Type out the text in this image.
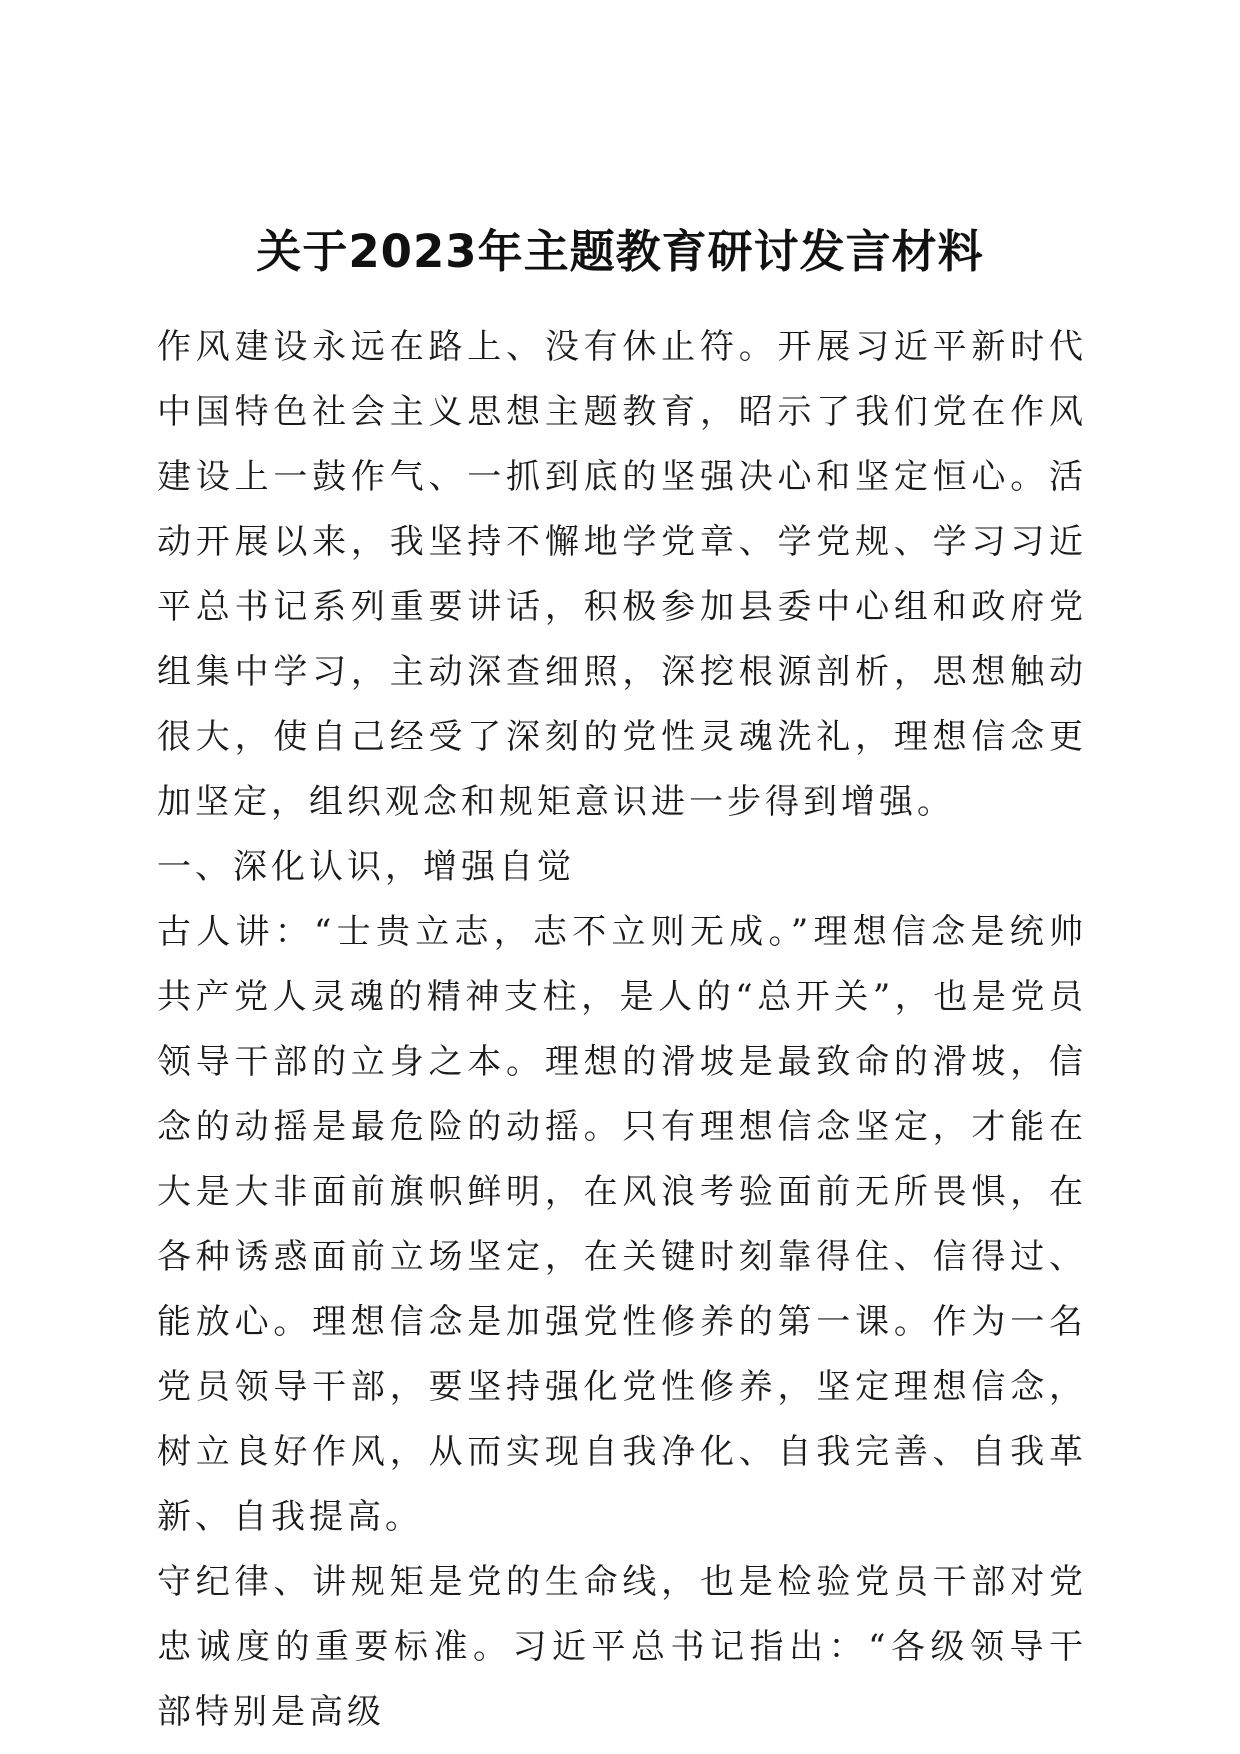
关于2023年主题教育研讨发言材料

作风建设永远在路上、没有休止符。开展习近平新时代中国特色社会主义思想主题教育，昭示了我们党在作风建设上一鼓作气、一抓到底的坚强决心和坚定恒心。活动开展以来，我坚持不懈地学党章、学党规、学习习近平总书记系列重要讲话，积极参加县委中心组和政府党组集中学习，主动深查细照，深挖根源剖析，思想触动很大，使自己经受了深刻的党性灵魂洗礼，理想信念更加坚定，组织观念和规矩意识进一步得到增强。

一、深化认识，增强自觉

古人讲：“士贵立志，志不立则无成。”理想信念是统帅共产党人灵魂的精神支柱，是人的“总开关”，也是党员领导干部的立身之本。理想的滑坡是最致命的滑坡，信念的动摇是最危险的动摇。只有理想信念坚定，才能在大是大非面前旗帜鲜明，在风浪考验面前无所畏惧，在各种诱惑面前立场坚定，在关键时刻靠得住、信得过、能放心。理想信念是加强党性修养的第一课。作为一名党员领导干部，要坚持强化党性修养，坚定理想信念，树立良好作风，从而实现自我净化、自我完善、自我革新、自我提高。

守纪律、讲规矩是党的生命线，也是检验党员干部对党忠诚度的重要标准。习近平总书记指出：“各级领导干部特别是高级
